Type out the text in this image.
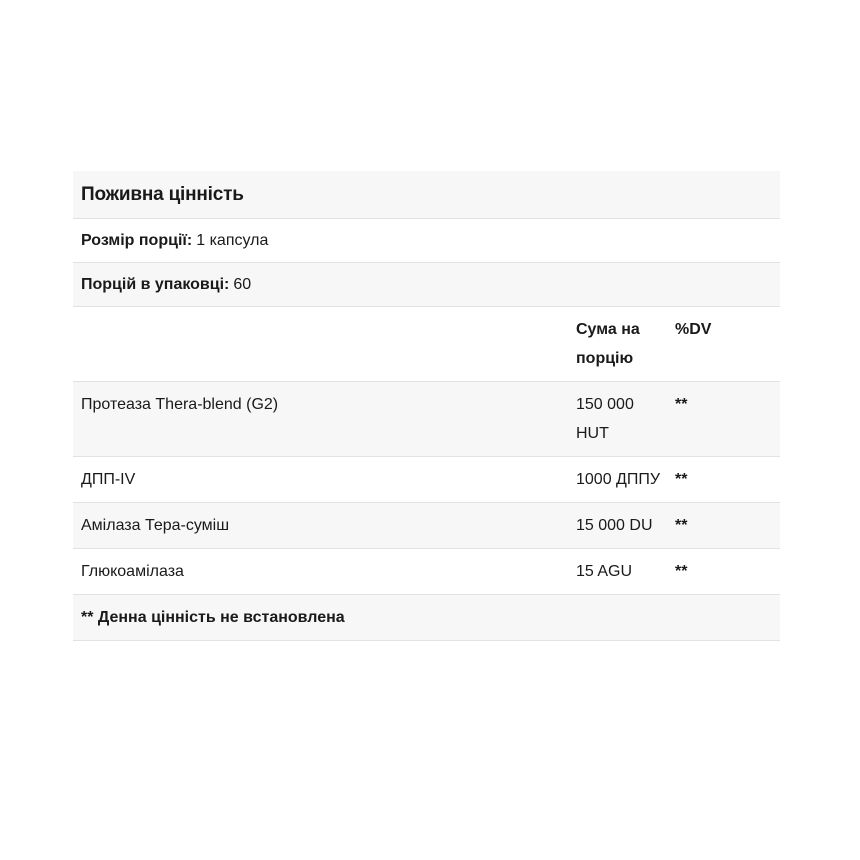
Поживна цінність
Розмір порції: 1 капсула
Порцій в упаковці: 60
	Сума на порцію	%DV
Протеаза Thera-blend (G2)	150 000 HUT	**
ДПП-IV	1000 ДППУ	**
Амілаза Тера-суміш	15 000 DU	**
Глюкоамілаза	15 AGU	**
** Денна цінність не встановлена		
